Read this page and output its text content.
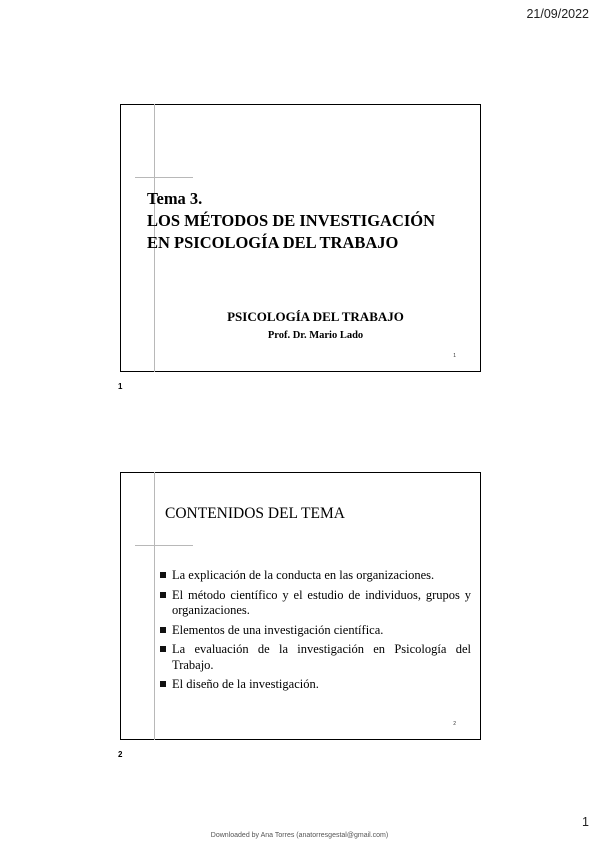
21/09/2022
Tema 3.
LOS MÉTODOS DE INVESTIGACIÓN
EN PSICOLOGÍA DEL TRABAJO
PSICOLOGÍA DEL TRABAJO
Prof. Dr. Mario Lado
1
1
CONTENIDOS DEL TEMA
La explicación de la conducta en las organizaciones.
El método científico y el estudio de individuos, grupos y organizaciones.
Elementos de una investigación científica.
La evaluación de la investigación en Psicología del Trabajo.
El diseño de la investigación.
2
2
1
Downloaded by Ana Torres (anatorresgestal@gmail.com)
